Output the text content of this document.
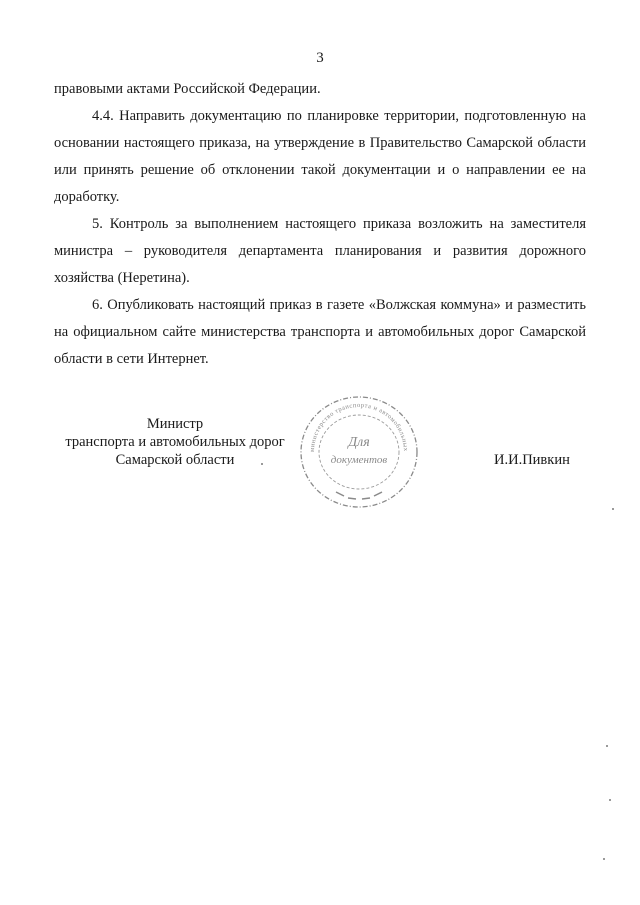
3

правовыми актами Российской Федерации.

4.4. Направить документацию по планировке территории, подготовленную на основании настоящего приказа, на утверждение в Правительство Самарской области или принять решение об отклонении такой документации и о направлении ее на доработку.

5. Контроль за выполнением настоящего приказа возложить на заместителя министра – руководителя департамента планирования и развития дорожного хозяйства (Неретина).

6. Опубликовать настоящий приказ в газете «Волжская коммуна» и разместить на официальном сайте министерства транспорта и автомобильных дорог Самарской области в сети Интернет.

Министр
транспорта и автомобильных дорог
Самарской области
министерство транспорта и автомобильных
Для
документов	И.И.Пивкин
